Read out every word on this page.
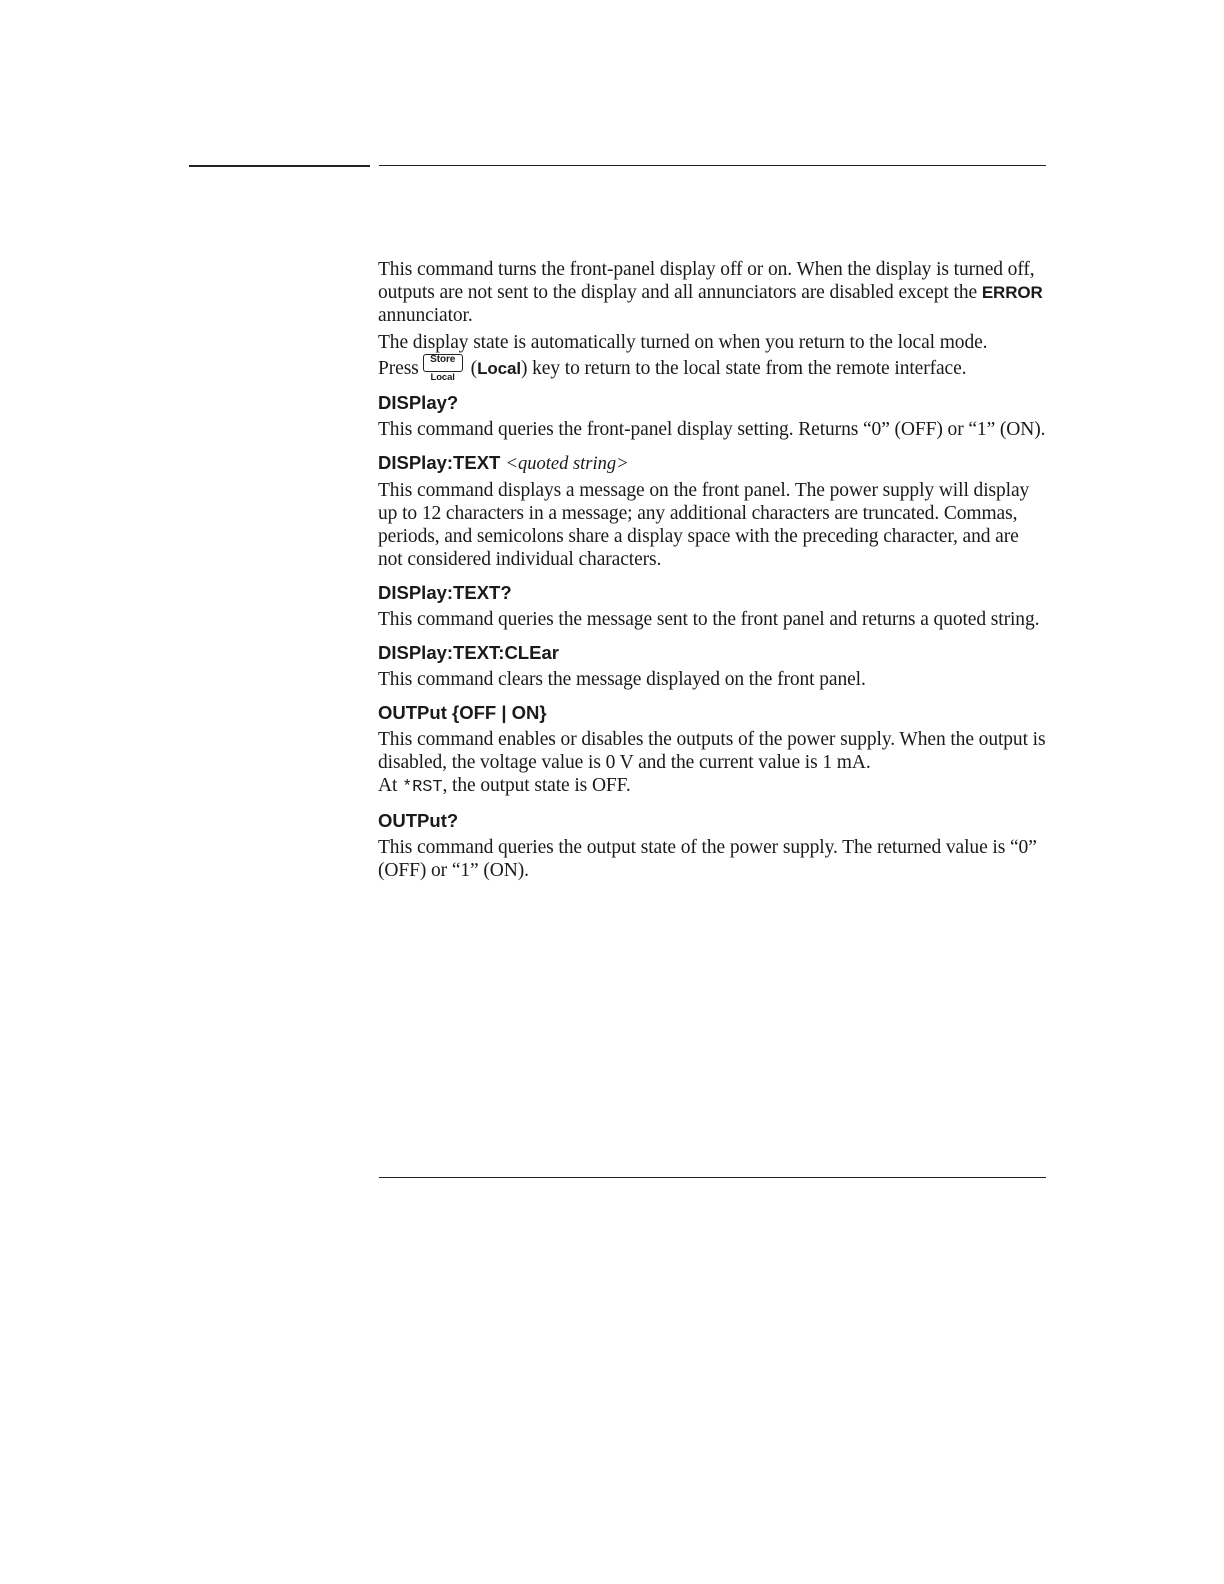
This command turns the front-panel display off or on. When the display is turned off, outputs are not sent to the display and all annunciators are disabled except the ERROR annunciator.

The display state is automatically turned on when you return to the local mode.
Press	Store
Local (Local) key to return to the local state from the remote interface.

DISPlay?

This command queries the front-panel display setting. Returns “0” (OFF) or “1” (ON).

DISPlay:TEXT <quoted string>

This command displays a message on the front panel. The power supply will display up to 12 characters in a message; any additional characters are truncated. Commas, periods, and semicolons share a display space with the preceding character, and are not considered individual characters.

DISPlay:TEXT?

This command queries the message sent to the front panel and returns a quoted string.

DISPlay:TEXT:CLEar

This command clears the message displayed on the front panel.

OUTPut {OFF | ON}

This command enables or disables the outputs of the power supply. When the output is disabled, the voltage value is 0 V and the current value is 1 mA.

At *RST, the output state is OFF.

OUTPut?

This command queries the output state of the power supply. The returned value is “0” (OFF) or “1” (ON).
